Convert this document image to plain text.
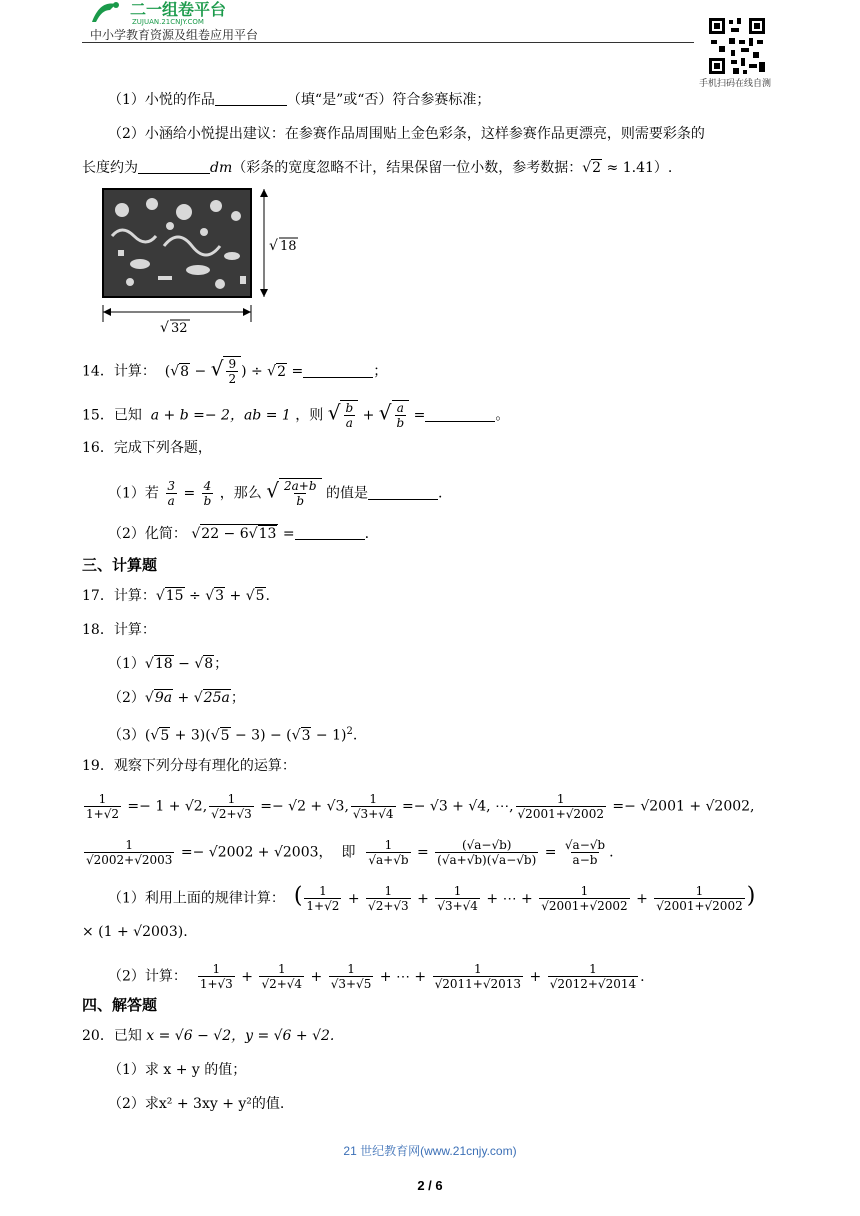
二一组卷平台
ZUJUAN.21CNJY.COM
中小学教育资源及组卷应用平台
手机扫码在线自测
（1）小悦的作品	（填“是”或“否）符合参赛标准；
（2）小涵给小悦提出建议：在参赛作品周围贴上金色彩条，这样参赛作品更漂亮，则需要彩条的
长度约为	dm（彩条的宽度忽略不计，结果保留一位小数，参考数据：√2 ≈ 1.41）.
√ 18
√ 32
14．计算： (√8 − √ $\frac{9}{2}$ ) ÷ √2 =	；
15．已知 a + b =− 2，ab = 1 ，则 √ $\frac{b}{a}$ + √ $\frac{a}{b}$ =	。
16．完成下列各题，
（1）若 $\frac{3}{a} = \frac{4}{b}$ ，那么 √ $\frac{2a+b}{b}$ 的值是	.
（2）化简： √22 − 6√13 =	.
三、计算题
17．计算：√15 ÷ √3 + √5.
18．计算：
（1）√18 − √8；
（2）√9a + √25a；
$(3)(√5 + 3)(√5 - 3) - (√3 - 1)^2$.
19．观察下列分母有理化的运算：
$\frac{1}{1+√2} =- 1 + √2$, $\frac{1}{√2+√3} =- √2 + √3$, $\frac{1}{√3+√4} =- √3 + √4$, ⋯, $\frac{1}{√2001+√2002} =- √2001 + √2002$,
$\frac{1}{√2002+√2003} =- √2002 + √2003$， 即 $\frac{1}{√a+√b} = \frac{(√a-√b)}{(√a+√b)(√a-√b)} = \frac{√a-√b}{a-b}$ .
（1）利用上面的规律计算： ( $\frac{1}{1+√2} + \frac{1}{√2+√3} + \frac{1}{√3+√4}$ + ⋯ + $\frac{1}{√2001+√2002} + \frac{1}{√2001+√2002}$ )
× (1 + √2003).
（2）计算： $\frac{1}{1+√3} + \frac{1}{√2+√4} + \frac{1}{√3+√5}$ + ⋯ + $\frac{1}{√2011+√2013} + \frac{1}{√2012+√2014}$ .
四、解答题
20．已知 x = √6 − √2，y = √6 + √2.
（1）求 x + y 的值；
（2）求x² + 3xy + y²的值.
21 世纪教育网(www.21cnjy.com)
2 / 6
